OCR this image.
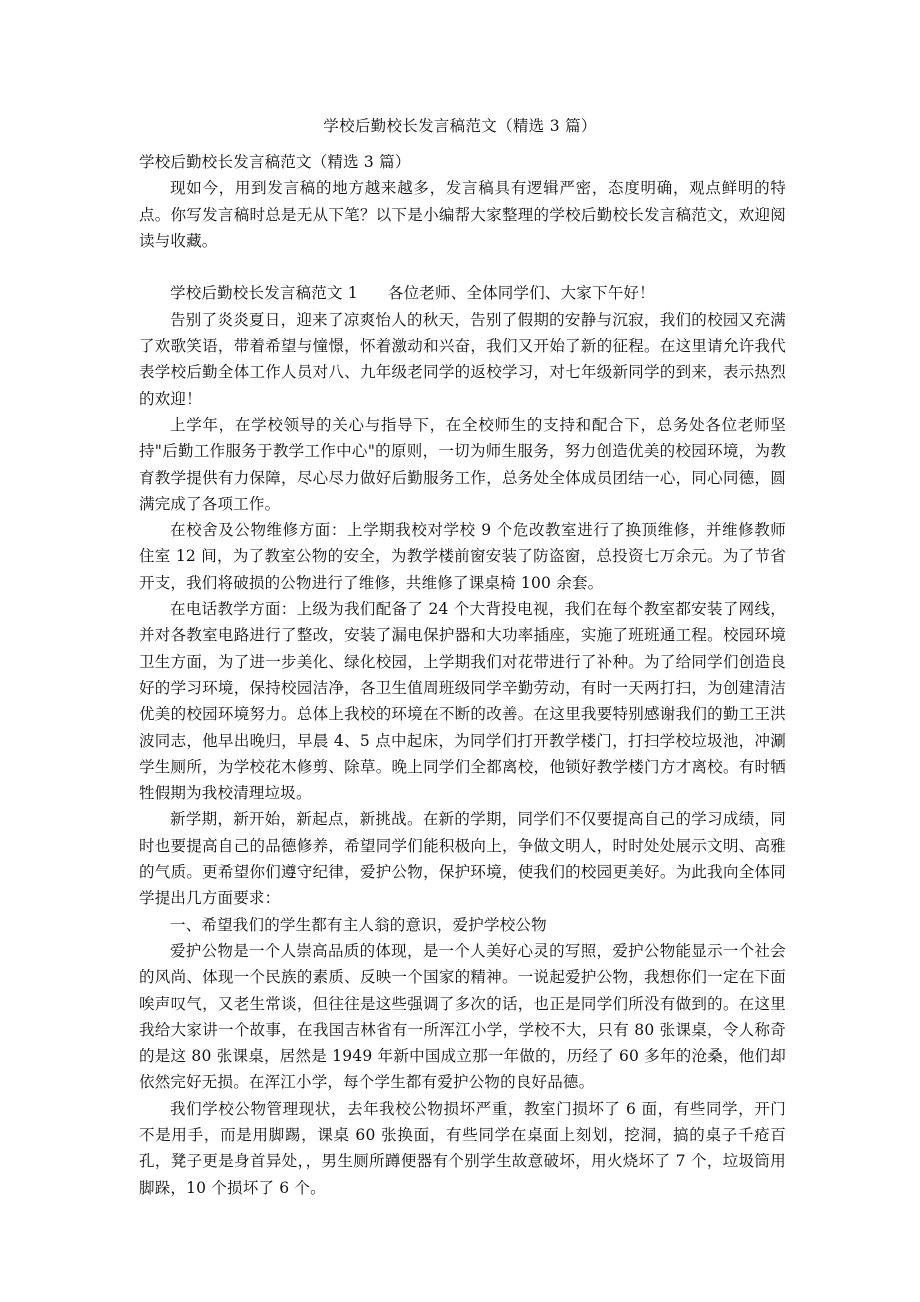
学校后勤校长发言稿范文（精选 3 篇）

学校后勤校长发言稿范文（精选 3 篇）

现如今，用到发言稿的地方越来越多，发言稿具有逻辑严密，态度明确，观点鲜明的特点。你写发言稿时总是无从下笔？以下是小编帮大家整理的学校后勤校长发言稿范文，欢迎阅读与收藏。

学校后勤校长发言稿范文 1 各位老师、全体同学们、大家下午好！

告别了炎炎夏日，迎来了凉爽怡人的秋天，告别了假期的安静与沉寂，我们的校园又充满了欢歌笑语，带着希望与憧憬，怀着激动和兴奋，我们又开始了新的征程。在这里请允许我代表学校后勤全体工作人员对八、九年级老同学的返校学习，对七年级新同学的到来，表示热烈的欢迎！

上学年，在学校领导的关心与指导下，在全校师生的支持和配合下，总务处各位老师坚持"后勤工作服务于教学工作中心"的原则，一切为师生服务，努力创造优美的校园环境，为教育教学提供有力保障，尽心尽力做好后勤服务工作，总务处全体成员团结一心，同心同德，圆满完成了各项工作。

在校舍及公物维修方面：上学期我校对学校 9 个危改教室进行了换顶维修，并维修教师住室 12 间，为了教室公物的安全，为教学楼前窗安装了防盗窗，总投资七万余元。为了节省开支，我们将破损的公物进行了维修，共维修了课桌椅 100 余套。

在电话教学方面：上级为我们配备了 24 个大背投电视，我们在每个教室都安装了网线，并对各教室电路进行了整改，安装了漏电保护器和大功率插座，实施了班班通工程。校园环境卫生方面，为了进一步美化、绿化校园，上学期我们对花带进行了补种。为了给同学们创造良好的学习环境，保持校园洁净，各卫生值周班级同学辛勤劳动，有时一天两打扫，为创建清洁优美的校园环境努力。总体上我校的环境在不断的改善。在这里我要特别感谢我们的勤工王洪波同志，他早出晚归，早晨 4、5 点中起床，为同学们打开教学楼门，打扫学校垃圾池，冲涮学生厕所，为学校花木修剪、除草。晚上同学们全都离校，他锁好教学楼门方才离校。有时牺牲假期为我校清理垃圾。

新学期，新开始，新起点，新挑战。在新的学期，同学们不仅要提高自己的学习成绩，同时也要提高自己的品德修养，希望同学们能积极向上，争做文明人，时时处处展示文明、高雅的气质。更希望你们遵守纪律，爱护公物，保护环境，使我们的校园更美好。为此我向全体同学提出几方面要求：

一、希望我们的学生都有主人翁的意识，爱护学校公物

爱护公物是一个人崇高品质的体现，是一个人美好心灵的写照，爱护公物能显示一个社会的风尚、体现一个民族的素质、反映一个国家的精神。一说起爱护公物，我想你们一定在下面唉声叹气，又老生常谈，但往往是这些强调了多次的话，也正是同学们所没有做到的。在这里我给大家讲一个故事，在我国吉林省有一所浑江小学，学校不大，只有 80 张课桌，令人称奇的是这 80 张课桌，居然是 1949 年新中国成立那一年做的，历经了 60 多年的沧桑，他们却依然完好无损。在浑江小学，每个学生都有爱护公物的良好品德。

我们学校公物管理现状，去年我校公物损坏严重，教室门损坏了 6 面，有些同学，开门不是用手，而是用脚踢，课桌 60 张换面，有些同学在桌面上刻划，挖洞，搞的桌子千疮百孔，凳子更是身首异处，，男生厕所蹲便器有个别学生故意破坏，用火烧坏了 7 个，垃圾筒用脚跺，10 个损坏了 6 个。
